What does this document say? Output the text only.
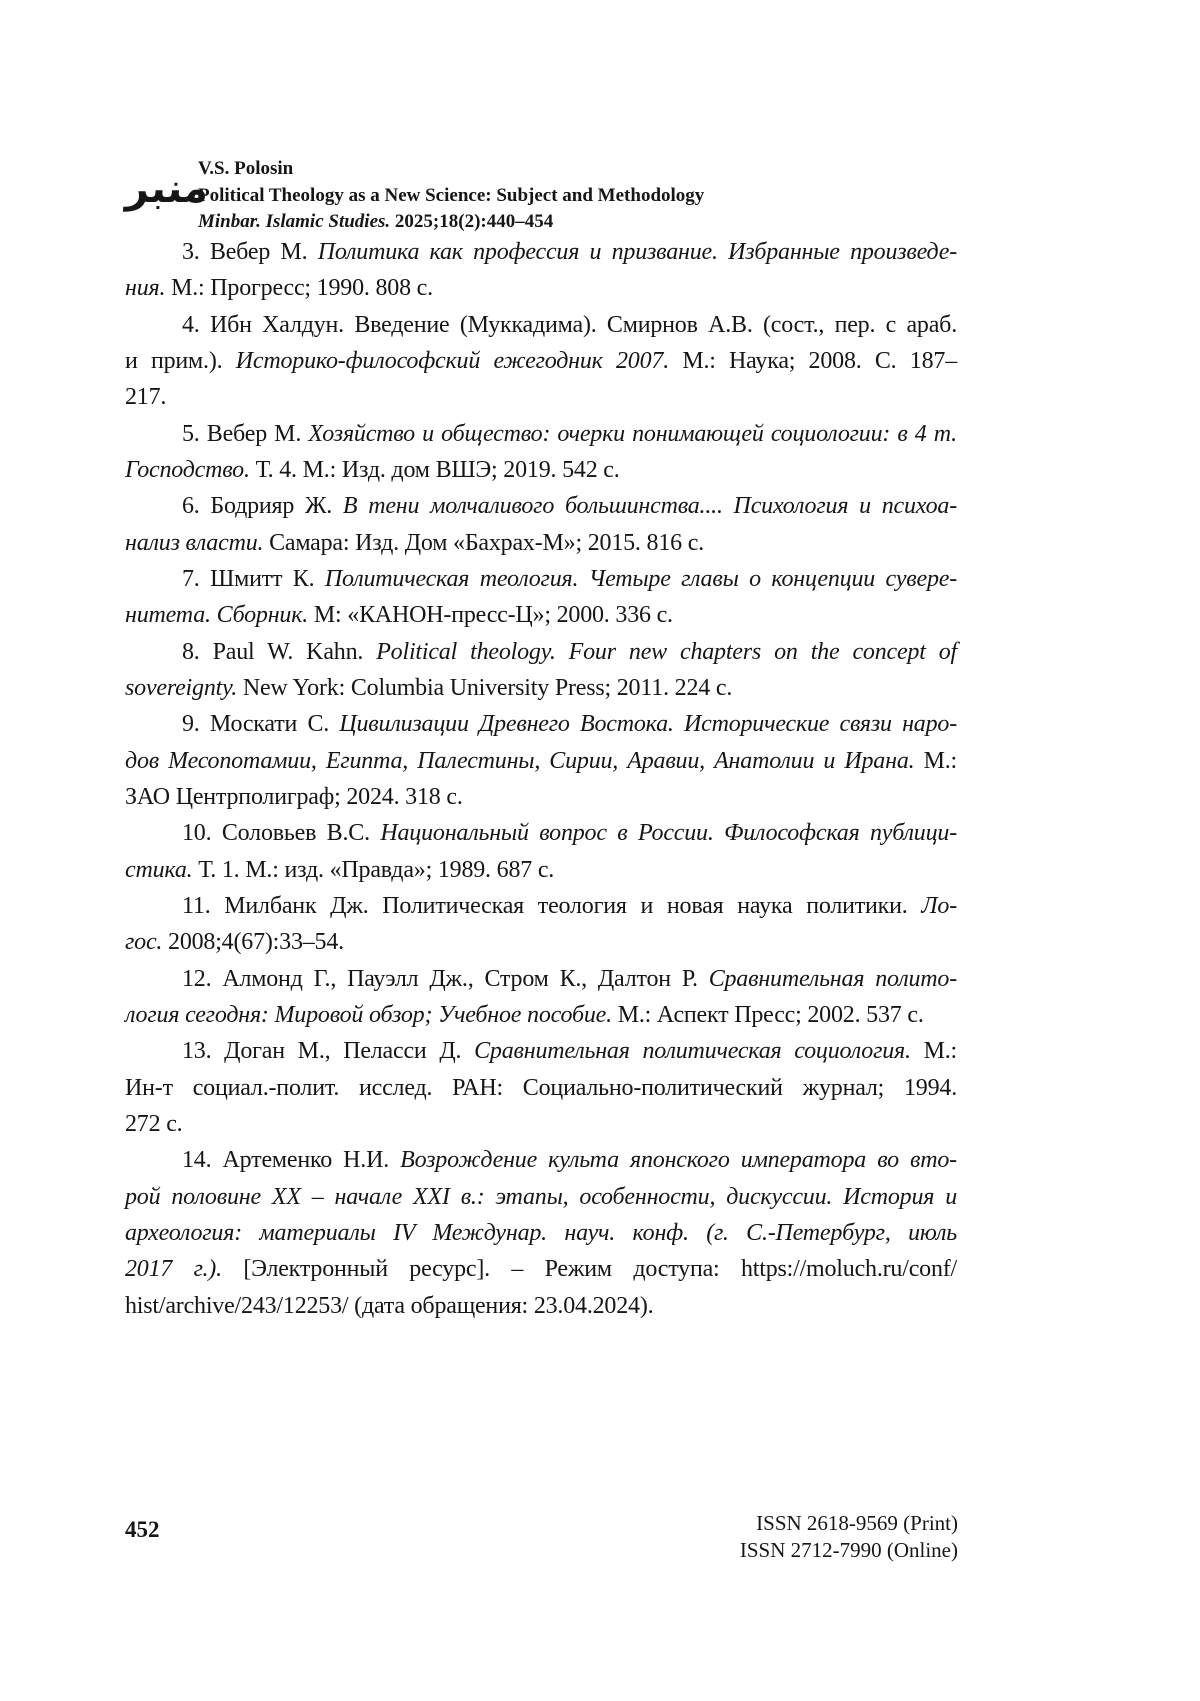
منبر
V.S. Polosin
Political Theology as a New Science: Subject and Methodology
Minbar. Islamic Studies. 2025;18(2):440–454
3. Вебер М. Политика как профессия и призвание. Избранные произведе-
ния. М.: Прогресс; 1990. 808 с.
4. Ибн Халдун. Введение (Муккадима). Смирнов А.В. (сост., пер. с араб.
и прим.). Историко-философский ежегодник 2007. М.: Наука; 2008. С. 187–
217.
5. Вебер М. Хозяйство и общество: очерки понимающей социологии: в 4 т.
Господство. Т. 4. М.: Изд. дом ВШЭ; 2019. 542 с.
6. Бодрияр Ж. В тени молчаливого большинства.... Психология и психоа-
нализ власти. Самара: Изд. Дом «Бахрах-М»; 2015. 816 с.
7. Шмитт К. Политическая теология. Четыре главы о концепции сувере-
нитета. Сборник. М: «КАНОН-пресс-Ц»; 2000. 336 с.
8. Paul W. Kahn. Political theology. Four new chapters on the concept of
sovereignty. New York: Columbia University Press; 2011. 224 с.
9. Москати С. Цивилизации Древнего Востока. Исторические связи наро-
дов Месопотамии, Египта, Палестины, Сирии, Аравии, Анатолии и Ирана. М.:
ЗАО Центрполиграф; 2024. 318 с.
10. Соловьев В.С. Национальный вопрос в России. Философская публици-
стика. Т. 1. М.: изд. «Правда»; 1989. 687 с.
11. Милбанк Дж. Политическая теология и новая наука политики. Ло-
гос. 2008;4(67):33–54.
12. Алмонд Г., Пауэлл Дж., Стром К., Далтон Р. Сравнительная полито-
логия сегодня: Мировой обзор; Учебное пособие. М.: Аспект Пресс; 2002. 537 с.
13. Доган М., Пеласси Д. Сравнительная политическая социология. М.:
Ин-т социал.-полит. исслед. РАН: Социально-политический журнал; 1994.
272 с.
14. Артеменко Н.И. Возрождение культа японского императора во вто-
рой половине XX – начале XXI в.: этапы, особенности, дискуссии. История и
археология: материалы IV Междунар. науч. конф. (г. С.-Петербург, июль
2017 г.). [Электронный ресурс]. – Режим доступа: https://moluch.ru/conf/
hist/archive/243/12253/ (дата обращения: 23.04.2024).
452	ISSN 2618-9569 (Print)
ISSN 2712-7990 (Online)
